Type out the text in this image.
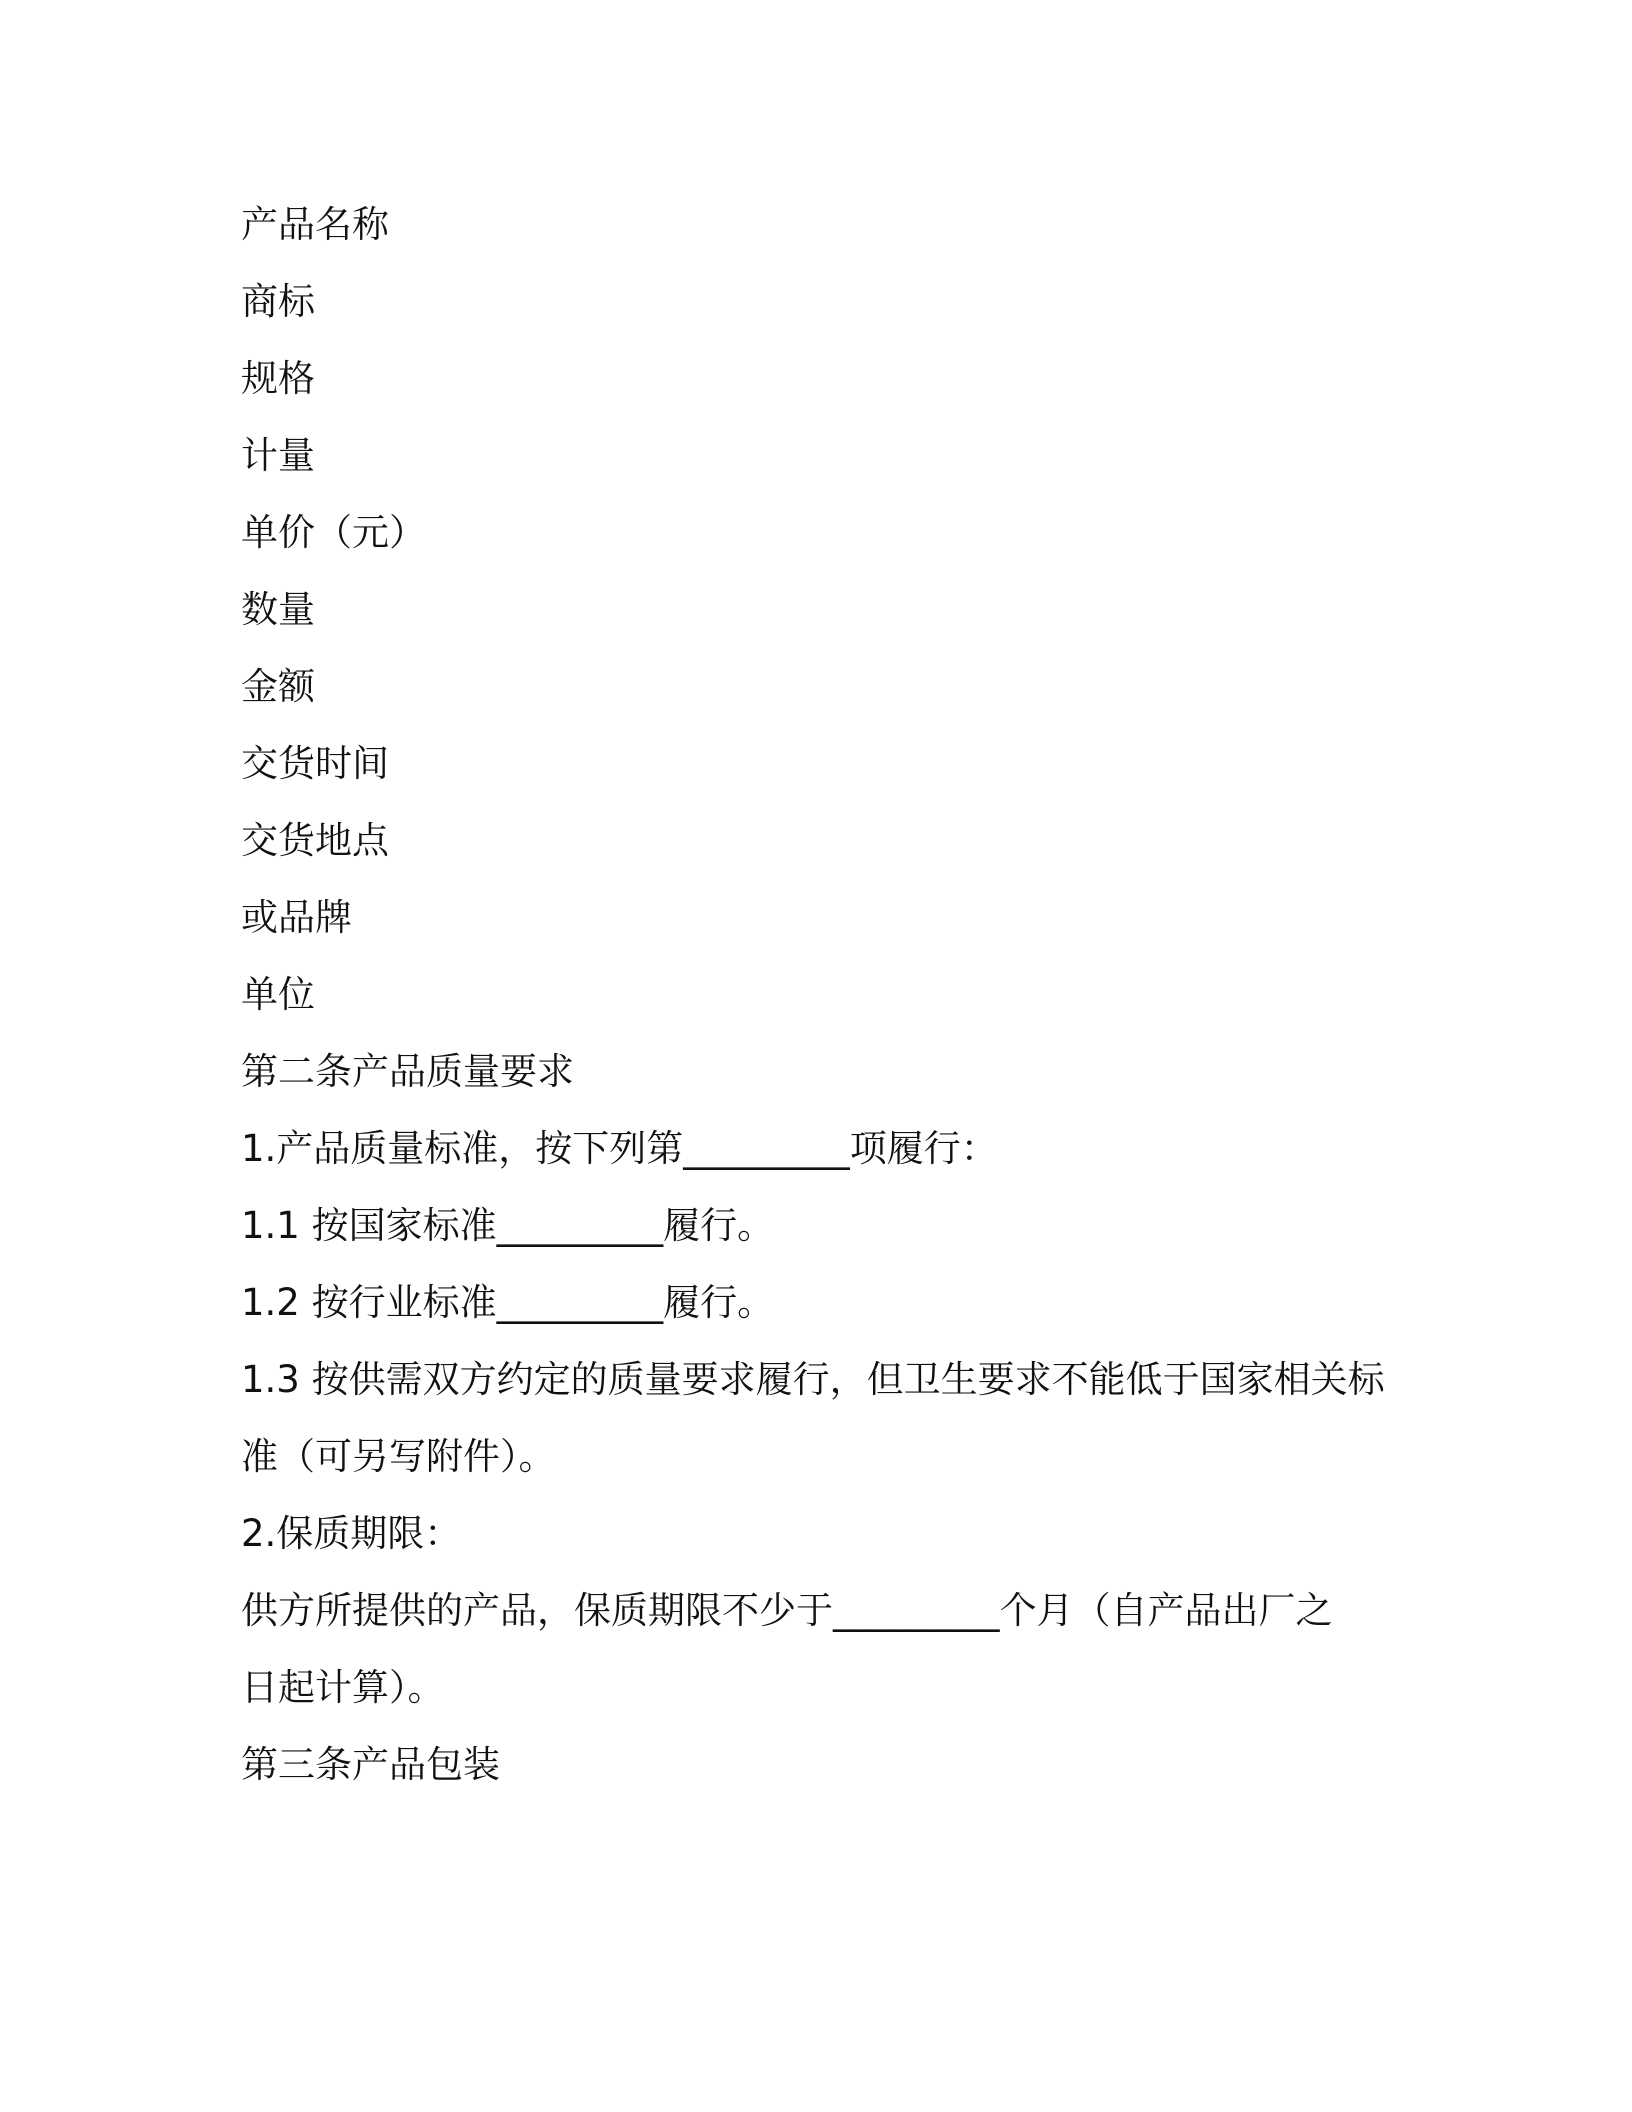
产品名称
商标
规格
计量
单价（元）
数量
金额
交货时间
交货地点
或品牌
单位
第二条产品质量要求
1.产品质量标准，按下列第_________项履行：
1.1 按国家标准_________履行。
1.2 按行业标准_________履行。
1.3 按供需双方约定的质量要求履行，但卫生要求不能低于国家相关标
准（可另写附件）。
2.保质期限：
供方所提供的产品，保质期限不少于_________个月（自产品出厂之
日起计算）。
第三条产品包装
